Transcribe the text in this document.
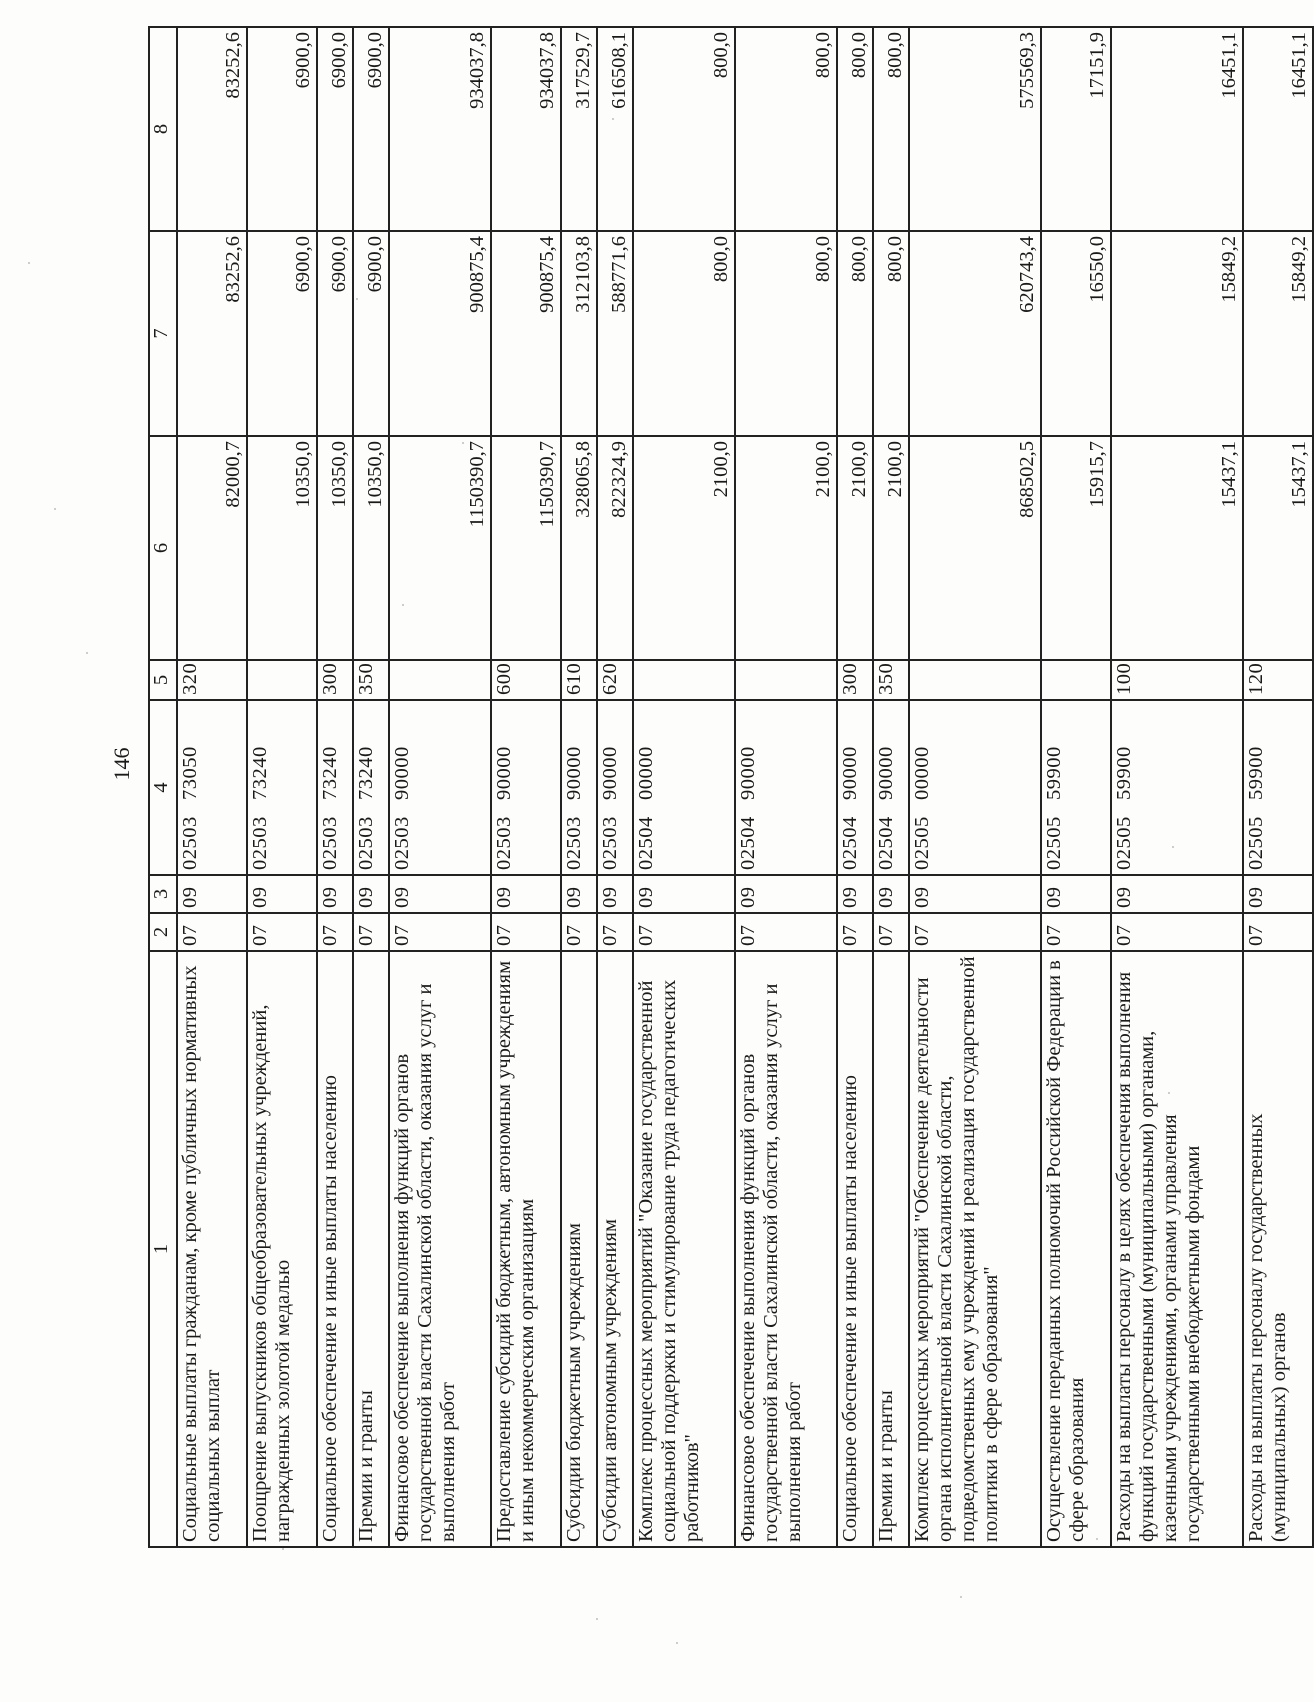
146
1	2	3	4	5	6	7	8
Социальные выплаты гражданам, кроме публичных нормативных социальных выплат	07	09	0250373050	320	82000,7	83252,6	83252,6
Поощрение выпускников общеобразовательных учреждений, награжденных золотой медалью	07	09	0250373240		10350,0	6900,0	6900,0
Социальное обеспечение и иные выплаты населению	07	09	0250373240	300	10350,0	6900,0	6900,0
Премии и гранты	07	09	0250373240	350	10350,0	6900,0	6900,0
Финансовое обеспечение выполнения функций органов государственной власти Сахалинской области, оказания услуг и выполнения работ	07	09	0250390000		1150390,7	900875,4	934037,8
Предоставление субсидий бюджетным, автономным учреждениям и иным некоммерческим организациям	07	09	0250390000	600	1150390,7	900875,4	934037,8
Субсидии бюджетным учреждениям	07	09	0250390000	610	328065,8	312103,8	317529,7
Субсидии автономным учреждениям	07	09	0250390000	620	822324,9	588771,6	616508,1
Комплекс процессных мероприятий "Оказание государственной социальной поддержки и стимулирование труда педагогических работников"	07	09	0250400000		2100,0	800,0	800,0
Финансовое обеспечение выполнения функций органов государственной власти Сахалинской области, оказания услуг и выполнения работ	07	09	0250490000		2100,0	800,0	800,0
Социальное обеспечение и иные выплаты населению	07	09	0250490000	300	2100,0	800,0	800,0
Премии и гранты	07	09	0250490000	350	2100,0	800,0	800,0
Комплекс процессных мероприятий "Обеспечение деятельности органа исполнительной власти Сахалинской области, подведомственных ему учреждений и реализация государственной политики в сфере образования"	07	09	0250500000		868502,5	620743,4	575569,3
Осуществление переданных полномочий Российской Федерации в сфере образования	07	09	0250559900		15915,7	16550,0	17151,9
Расходы на выплаты персоналу в целях обеспечения выполнения функций государственными (муниципальными) органами, казенными учреждениями, органами управления государственными внебюджетными фондами	07	09	0250559900	100	15437,1	15849,2	16451,1
Расходы на выплаты персоналу государственных (муниципальных) органов	07	09	0250559900	120	15437,1	15849,2	16451,1
